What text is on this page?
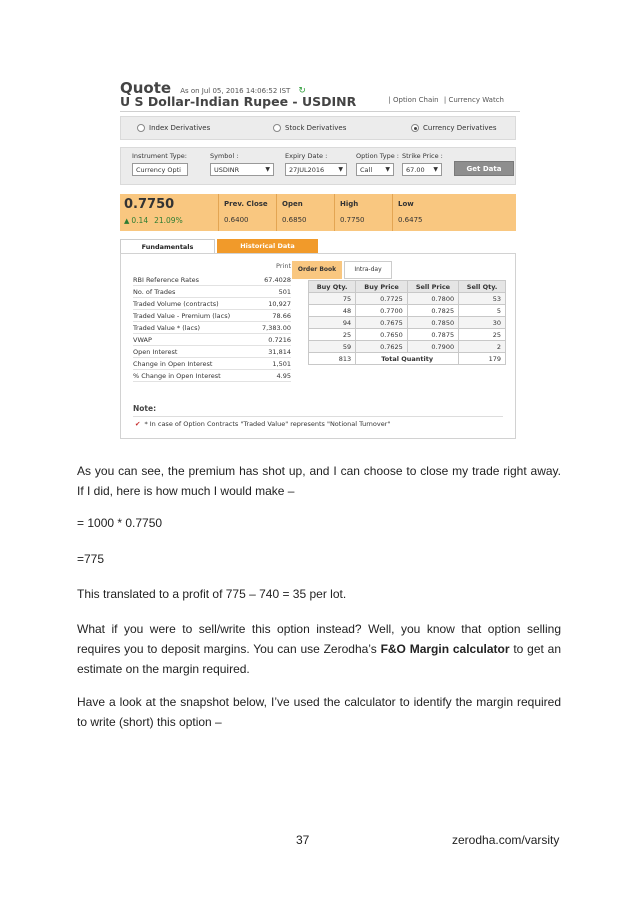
Quote As on Jul 05, 2016 14:06:52 IST ↻
U S Dollar-Indian Rupee - USDINR	| Option Chain | Currency Watch
Index Derivatives	Stock Derivatives	Currency Derivatives
Instrument Type:
Currency Opti
Symbol :
USDINR	▼
Expiry Date :
27JUL2016 ▼
Option Type :
Call ▼
Strike Price :
67.00 ▼	Get Data
0.7750
▲ 0.14 21.09%
Prev. Close
0.6400
Open
0.6850
High
0.7750
Low
0.6475
Fundamentals	Historical Data
Print
RBI Reference Rates	67.4028
No. of Trades	501
Traded Volume (contracts)	10,927
Traded Value - Premium (lacs)	78.66
Traded Value * (lacs)	7,383.00
VWAP	0.7216
Open Interest	31,814
Change in Open Interest	1,501
% Change in Open Interest	4.95
Order Book	Intra-day
Buy Qty.	Buy Price	Sell Price	Sell Qty.
75	0.7725	0.7800	53
48	0.7700	0.7825	5
94	0.7675	0.7850	30
25	0.7650	0.7875	25
59	0.7625	0.7900	2
813	Total Quantity		179
Note:
✔ * In case of Option Contracts "Traded Value" represents "Notional Turnover"

As you can see, the premium has shot up, and I can choose to close my trade right away. If I did, here is how much I would make –

= 1000 * 0.7750

=775

This translated to a profit of 775 – 740 = 35 per lot.

What if you were to sell/write this option instead? Well, you know that option selling requires you to deposit margins. You can use Zerodha’s F&O Margin calculator to get an estimate on the margin required.

Have a look at the snapshot below, I’ve used the calculator to identify the margin required to write (short) this option –

37	zerodha.com/varsity
